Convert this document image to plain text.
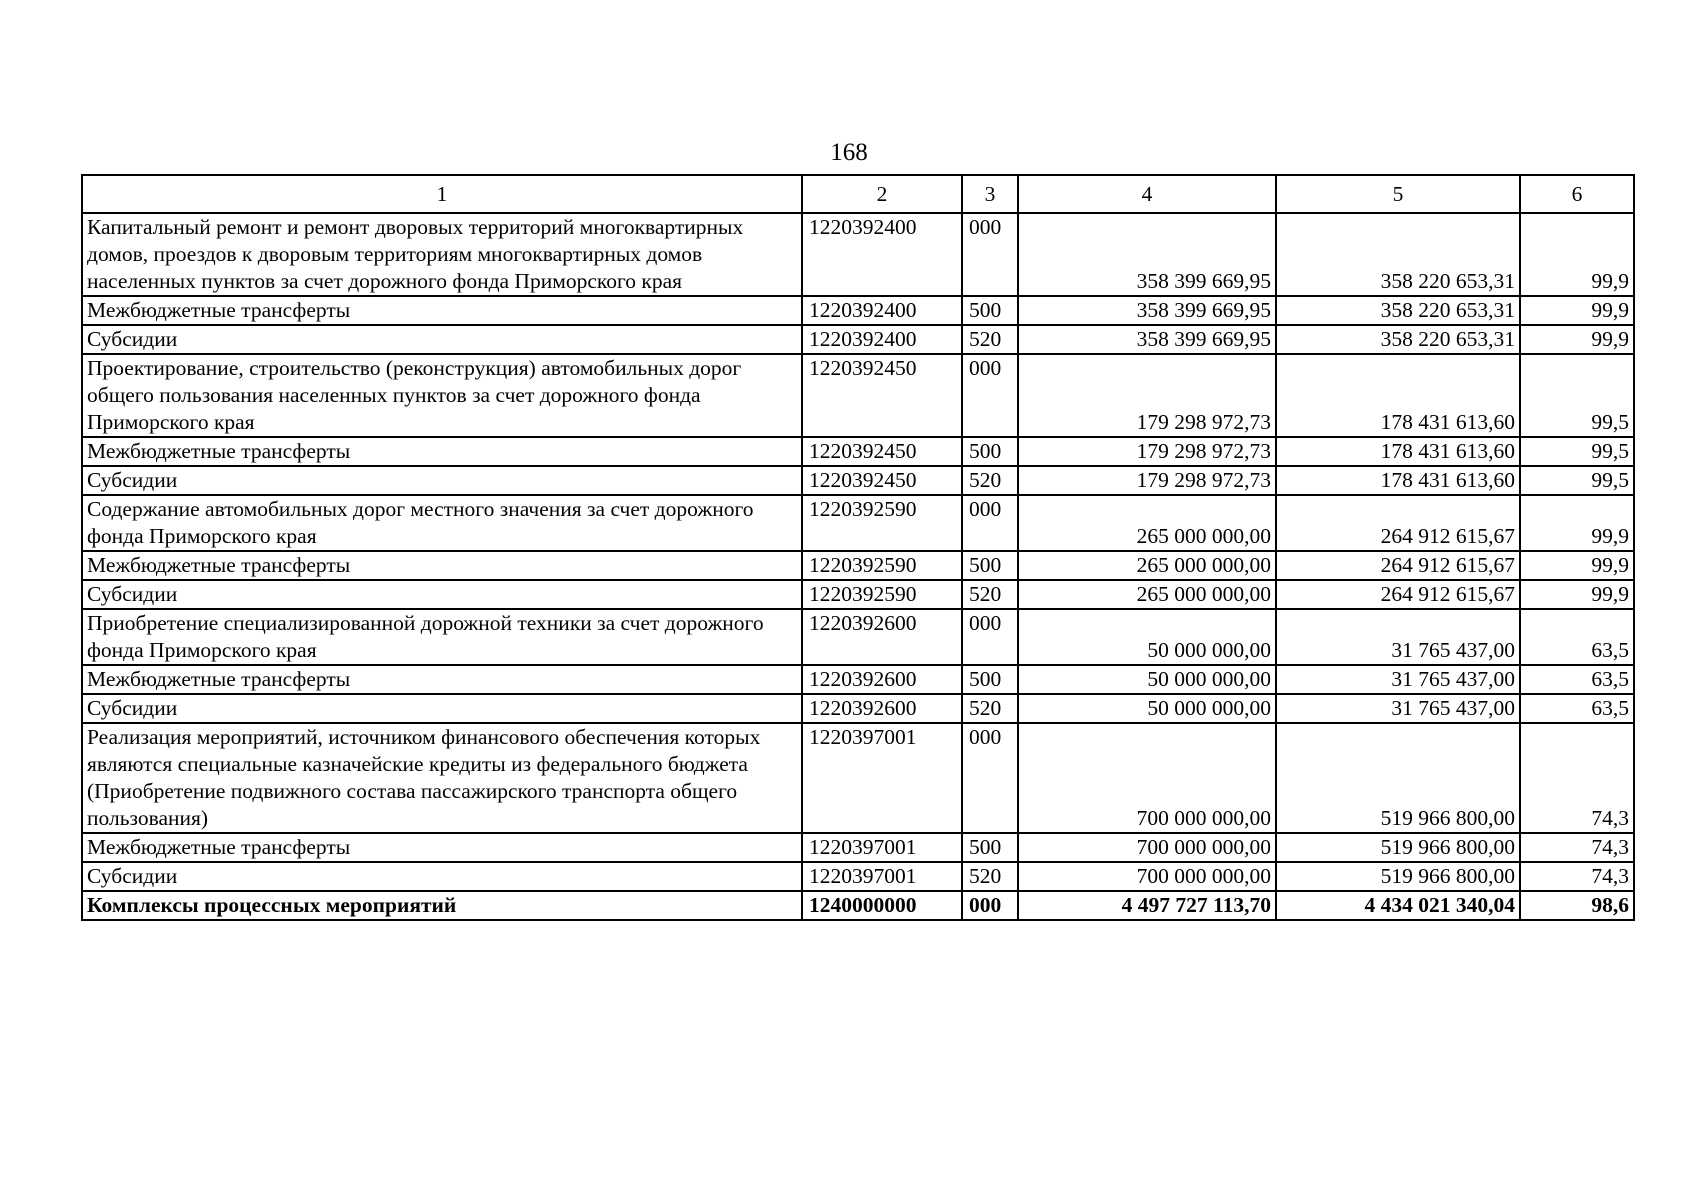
168
1	2	3	4	5	6
Капитальный ремонт и ремонт дворовых территорий многоквартирных домов, проездов к дворовым территориям многоквартирных домов населенных пунктов за счет дорожного фонда Приморского края	1220392400	000	358 399 669,95	358 220 653,31	99,9
Межбюджетные трансферты	1220392400	500	358 399 669,95	358 220 653,31	99,9
Субсидии	1220392400	520	358 399 669,95	358 220 653,31	99,9
Проектирование, строительство (реконструкция) автомобильных дорог общего пользования населенных пунктов за счет дорожного фонда Приморского края	1220392450	000	179 298 972,73	178 431 613,60	99,5
Межбюджетные трансферты	1220392450	500	179 298 972,73	178 431 613,60	99,5
Субсидии	1220392450	520	179 298 972,73	178 431 613,60	99,5
Содержание автомобильных дорог местного значения за счет дорожного фонда Приморского края	1220392590	000	265 000 000,00	264 912 615,67	99,9
Межбюджетные трансферты	1220392590	500	265 000 000,00	264 912 615,67	99,9
Субсидии	1220392590	520	265 000 000,00	264 912 615,67	99,9
Приобретение специализированной дорожной техники за счет дорожного фонда Приморского края	1220392600	000	50 000 000,00	31 765 437,00	63,5
Межбюджетные трансферты	1220392600	500	50 000 000,00	31 765 437,00	63,5
Субсидии	1220392600	520	50 000 000,00	31 765 437,00	63,5
Реализация мероприятий, источником финансового обеспечения которых являются специальные казначейские кредиты из федерального бюджета (Приобретение подвижного состава пассажирского транспорта общего пользования)	1220397001	000	700 000 000,00	519 966 800,00	74,3
Межбюджетные трансферты	1220397001	500	700 000 000,00	519 966 800,00	74,3
Субсидии	1220397001	520	700 000 000,00	519 966 800,00	74,3
Комплексы процессных мероприятий	1240000000	000	4 497 727 113,70	4 434 021 340,04	98,6
